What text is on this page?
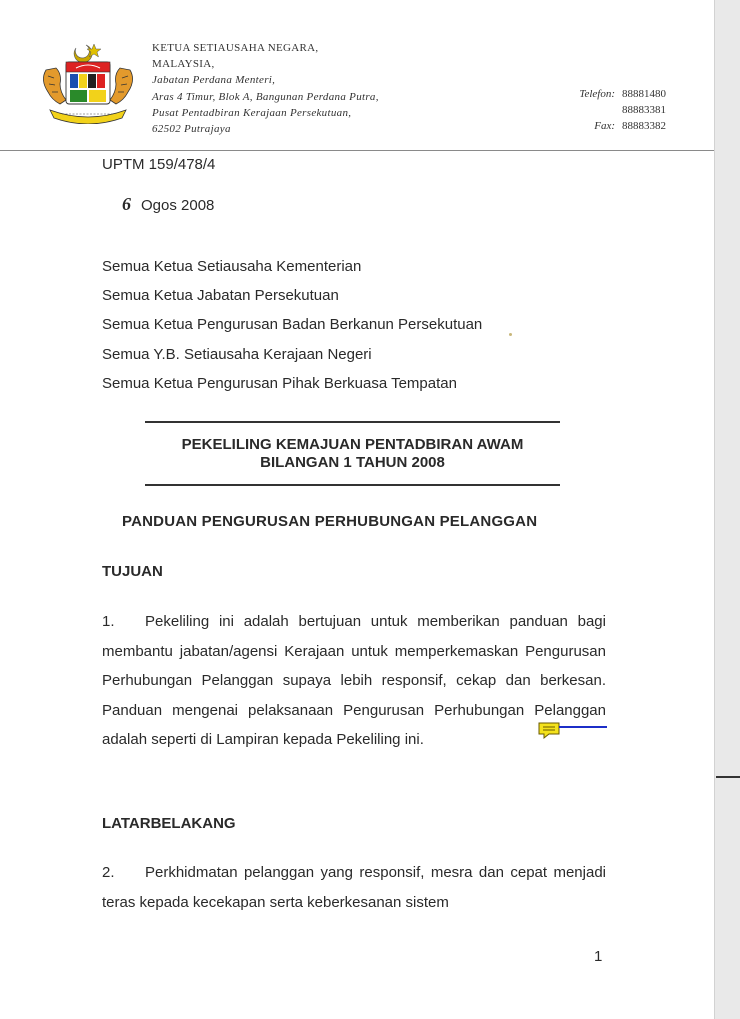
KETUA SETIAUSAHA NEGARA,
MALAYSIA,
Jabatan Perdana Menteri,
Aras 4 Timur, Blok A, Bangunan Perdana Putra,
Pusat Pentadbiran Kerajaan Persekutuan,
62502 Putrajaya
Telefon:

Fax:
88881480
88883381
88883382
UPTM 159/478/4
6 Ogos 2008
Semua Ketua Setiausaha Kementerian
Semua Ketua Jabatan Persekutuan
Semua Ketua Pengurusan Badan Berkanun Persekutuan
Semua Y.B. Setiausaha Kerajaan Negeri
Semua Ketua Pengurusan Pihak Berkuasa Tempatan
PEKELILING KEMAJUAN PENTADBIRAN AWAM
BILANGAN 1 TAHUN 2008
PANDUAN PENGURUSAN PERHUBUNGAN PELANGGAN
TUJUAN

1. Pekeliling ini adalah bertujuan untuk memberikan panduan bagi membantu jabatan/agensi Kerajaan untuk memperkemaskan Pengurusan Perhubungan Pelanggan supaya lebih responsif, cekap dan berkesan. Panduan mengenai pelaksanaan Pengurusan Perhubungan Pelanggan adalah seperti di Lampiran kepada Pekeliling ini.

LATARBELAKANG

2. Perkhidmatan pelanggan yang responsif, mesra dan cepat menjadi teras kepada kecekapan serta keberkesanan sistem

1
